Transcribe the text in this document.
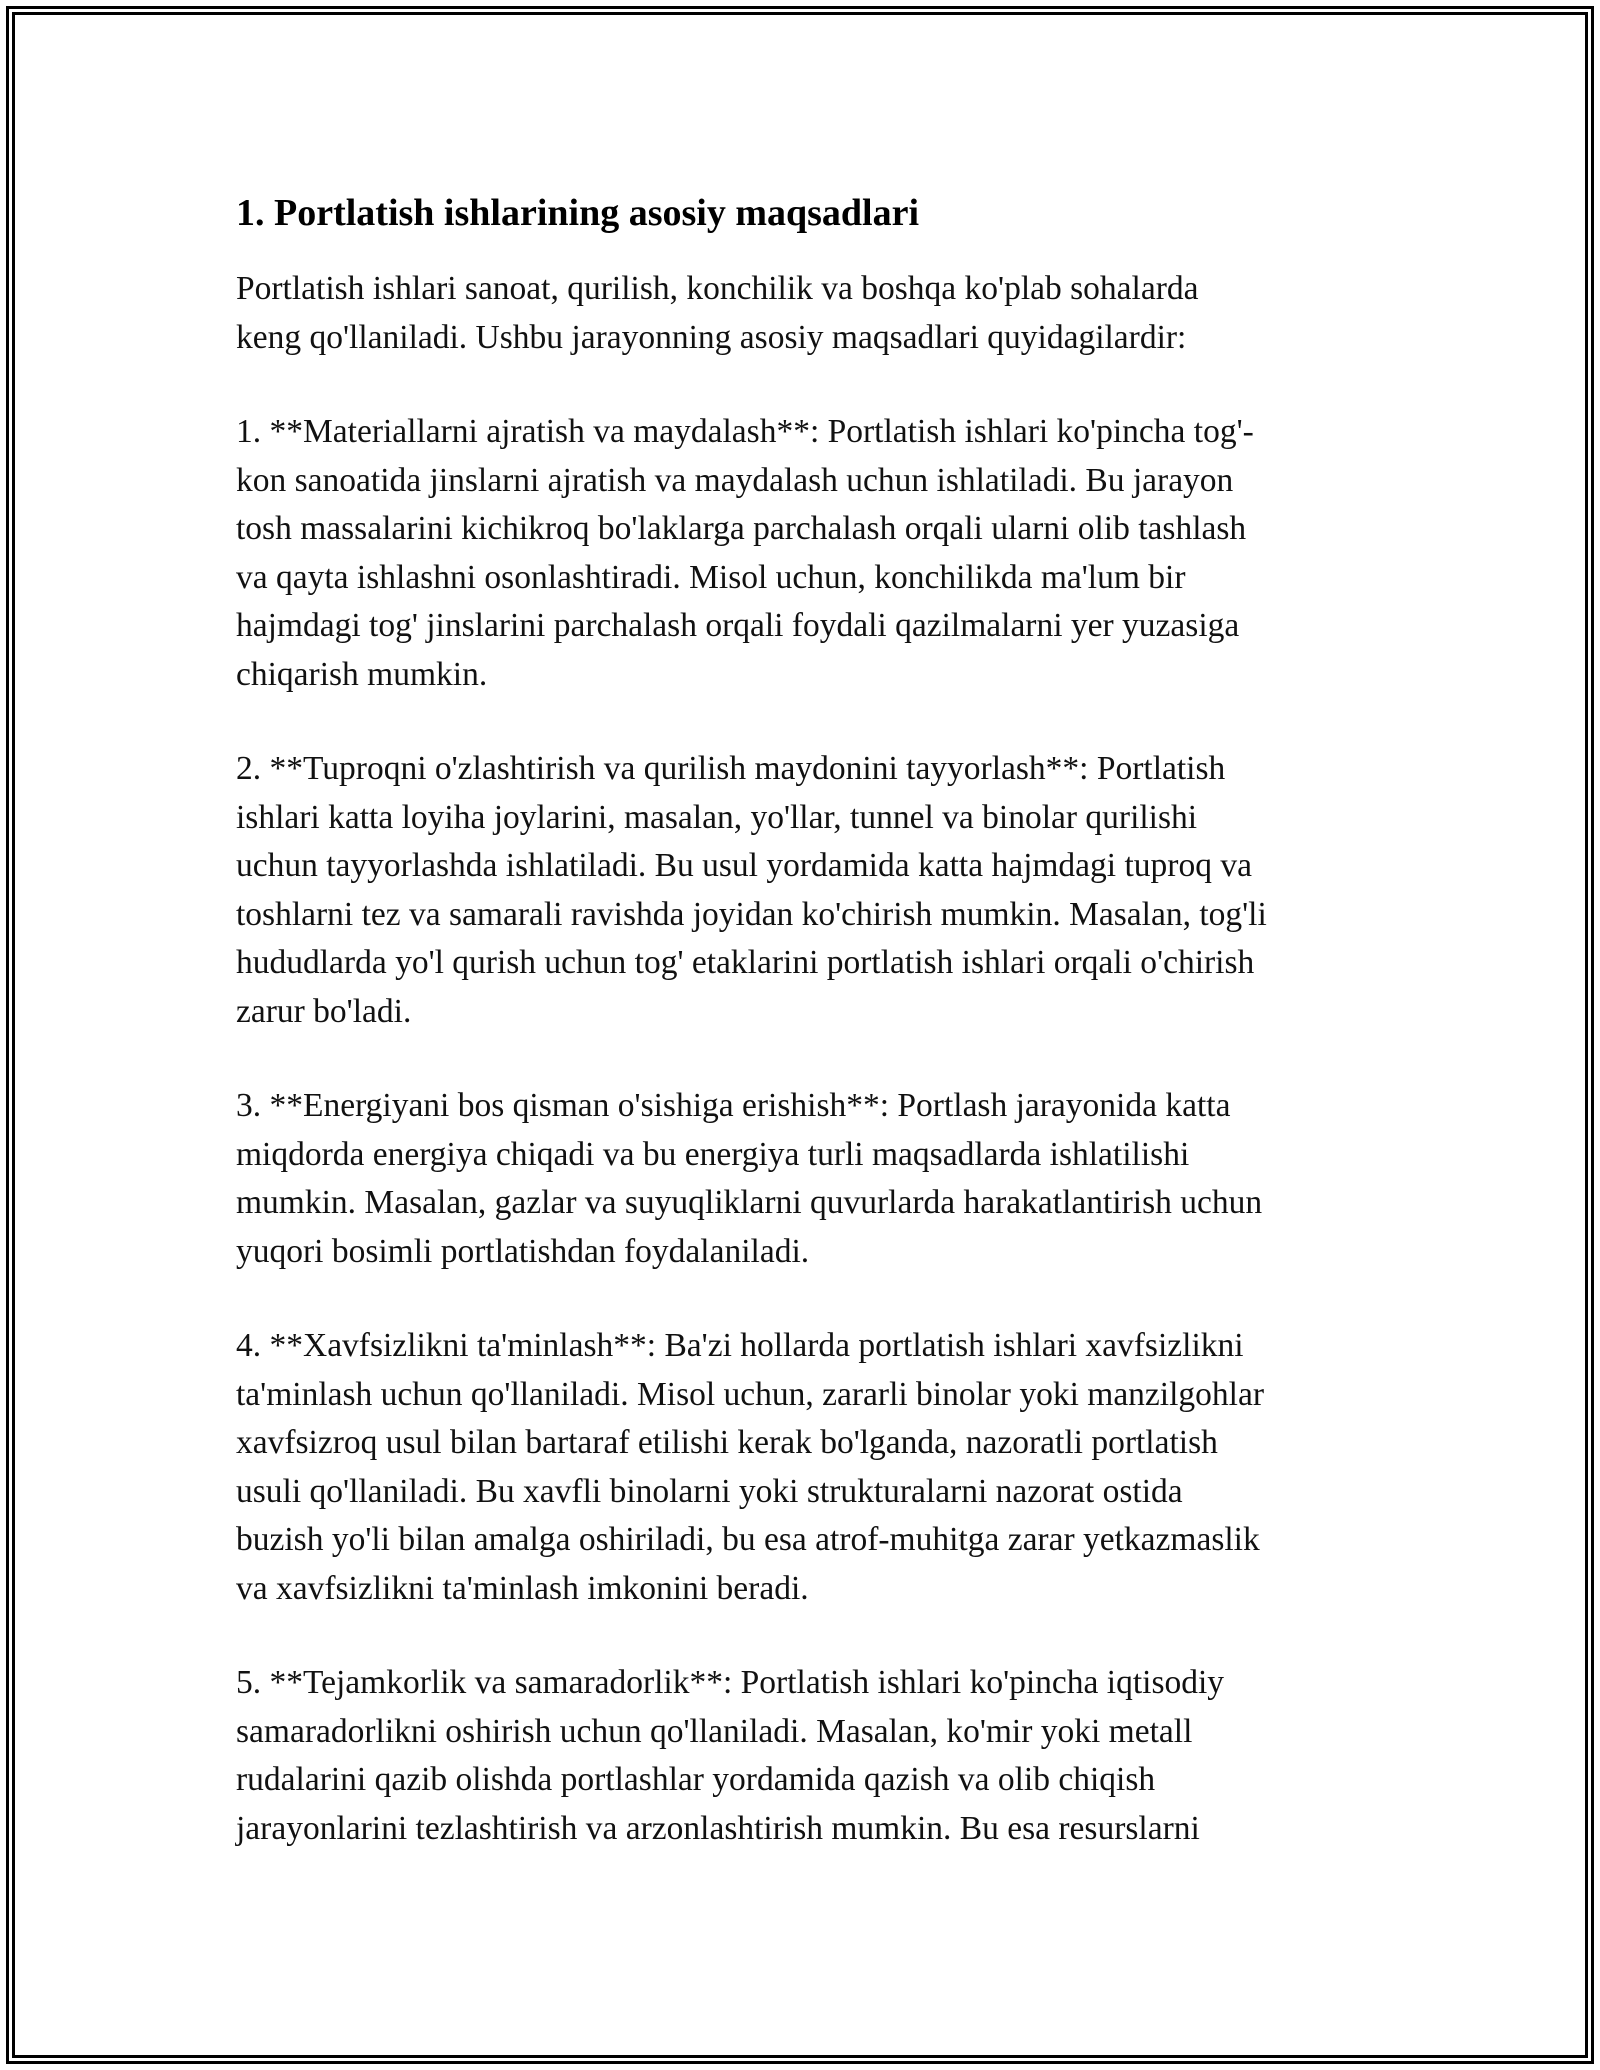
1. Portlatish ishlarining asosiy maqsadlari

Portlatish ishlari sanoat, qurilish, konchilik va boshqa ko'plab sohalarda
keng qo'llaniladi. Ushbu jarayonning asosiy maqsadlari quyidagilardir:

1. **Materiallarni ajratish va maydalash**: Portlatish ishlari ko'pincha tog'-
kon sanoatida jinslarni ajratish va maydalash uchun ishlatiladi. Bu jarayon
tosh massalarini kichikroq bo'laklarga parchalash orqali ularni olib tashlash
va qayta ishlashni osonlashtiradi. Misol uchun, konchilikda ma'lum bir
hajmdagi tog' jinslarini parchalash orqali foydali qazilmalarni yer yuzasiga
chiqarish mumkin.

2. **Tuproqni o'zlashtirish va qurilish maydonini tayyorlash**: Portlatish
ishlari katta loyiha joylarini, masalan, yo'llar, tunnel va binolar qurilishi
uchun tayyorlashda ishlatiladi. Bu usul yordamida katta hajmdagi tuproq va
toshlarni tez va samarali ravishda joyidan ko'chirish mumkin. Masalan, tog'li
hududlarda yo'l qurish uchun tog' etaklarini portlatish ishlari orqali o'chirish
zarur bo'ladi.

3. **Energiyani bos qisman o'sishiga erishish**: Portlash jarayonida katta
miqdorda energiya chiqadi va bu energiya turli maqsadlarda ishlatilishi
mumkin. Masalan, gazlar va suyuqliklarni quvurlarda harakatlantirish uchun
yuqori bosimli portlatishdan foydalaniladi.

4. **Xavfsizlikni ta'minlash**: Ba'zi hollarda portlatish ishlari xavfsizlikni
ta'minlash uchun qo'llaniladi. Misol uchun, zararli binolar yoki manzilgohlar
xavfsizroq usul bilan bartaraf etilishi kerak bo'lganda, nazoratli portlatish
usuli qo'llaniladi. Bu xavfli binolarni yoki strukturalarni nazorat ostida
buzish yo'li bilan amalga oshiriladi, bu esa atrof-muhitga zarar yetkazmaslik
va xavfsizlikni ta'minlash imkonini beradi.

5. **Tejamkorlik va samaradorlik**: Portlatish ishlari ko'pincha iqtisodiy
samaradorlikni oshirish uchun qo'llaniladi. Masalan, ko'mir yoki metall
rudalarini qazib olishda portlashlar yordamida qazish va olib chiqish
jarayonlarini tezlashtirish va arzonlashtirish mumkin. Bu esa resurslarni
